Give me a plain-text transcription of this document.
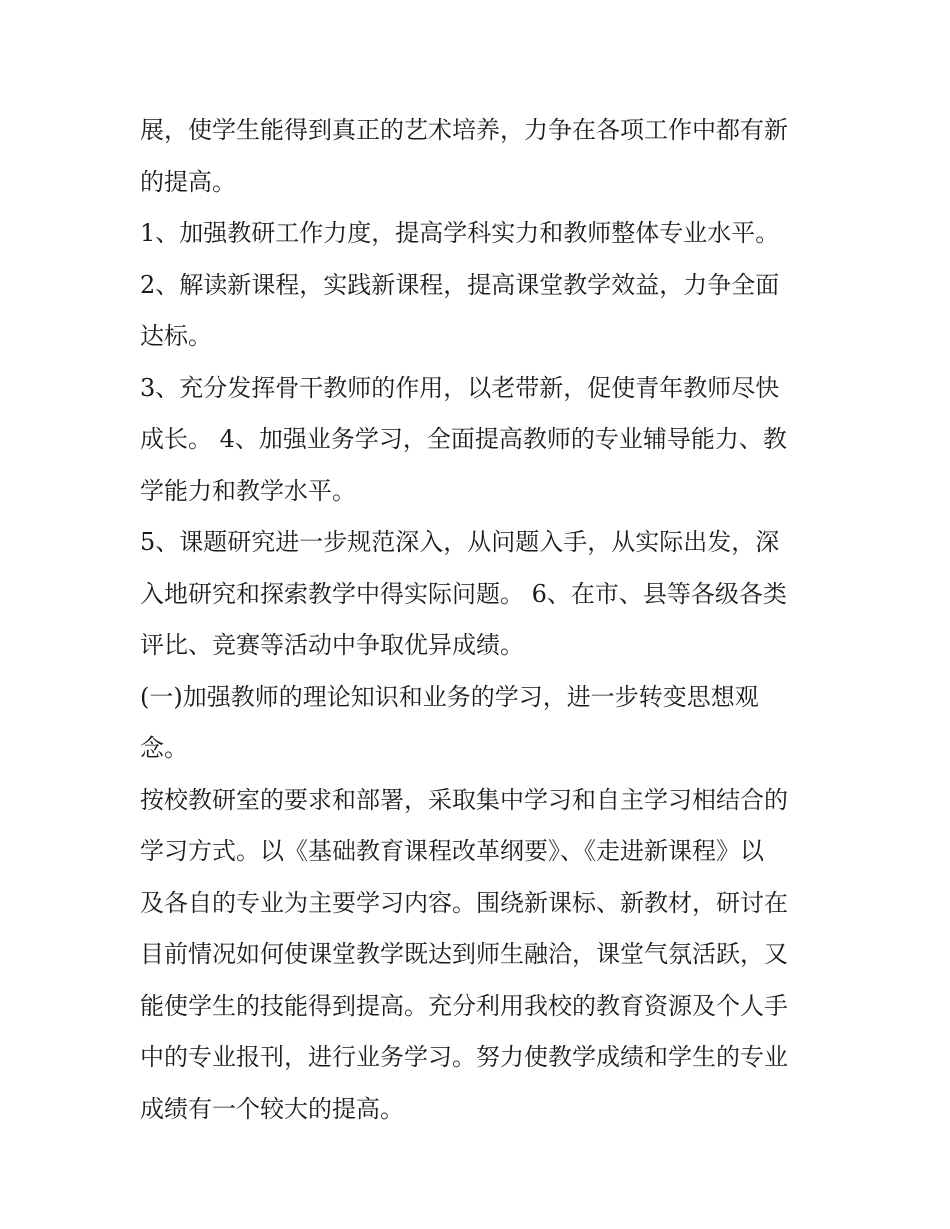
展，使学生能得到真正的艺术培养，力争在各项工作中都有新
的提高。

1、加强教研工作力度，提高学科实力和教师整体专业水平。

2、解读新课程，实践新课程，提高课堂教学效益，力争全面
达标。

3、充分发挥骨干教师的作用，以老带新，促使青年教师尽快
成长。 4、加强业务学习，全面提高教师的专业辅导能力、教
学能力和教学水平。

5、课题研究进一步规范深入，从问题入手，从实际出发，深
入地研究和探索教学中得实际问题。 6、在市、县等各级各类
评比、竞赛等活动中争取优异成绩。

(一)加强教师的理论知识和业务的学习，进一步转变思想观
念。

按校教研室的要求和部署，采取集中学习和自主学习相结合的
学习方式。以《基础教育课程改革纲要》、《走进新课程》以
及各自的专业为主要学习内容。围绕新课标、新教材，研讨在
目前情况如何使课堂教学既达到师生融洽，课堂气氛活跃，又
能使学生的技能得到提高。充分利用我校的教育资源及个人手
中的专业报刊，进行业务学习。努力使教学成绩和学生的专业
成绩有一个较大的提高。
